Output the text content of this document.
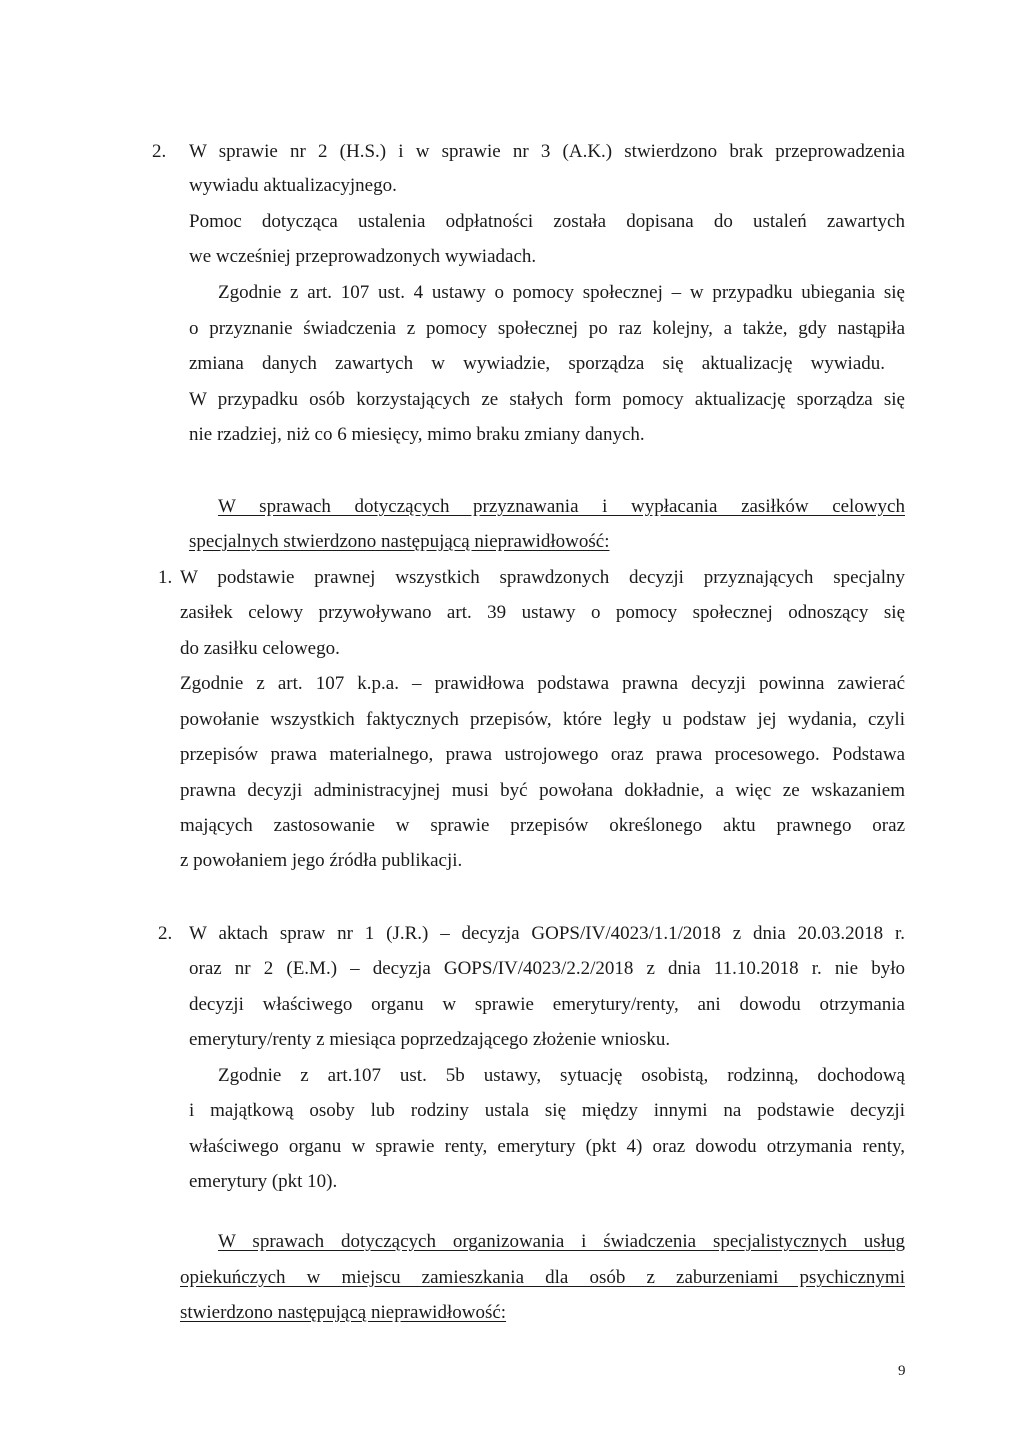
2. W sprawie nr 2 (H.S.) i w sprawie nr 3 (A.K.) stwierdzono brak przeprowadzenia
wywiadu aktualizacyjnego.
Pomoc dotycząca ustalenia odpłatności została dopisana do ustaleń zawartych
we wcześniej przeprowadzonych wywiadach.
Zgodnie z art. 107 ust. 4 ustawy o pomocy społecznej – w przypadku ubiegania się
o przyznanie świadczenia z pomocy społecznej po raz kolejny, a także, gdy nastąpiła
zmiana danych zawartych w wywiadzie, sporządza się aktualizację wywiadu.
W przypadku osób korzystających ze stałych form pomocy aktualizację sporządza się
nie rzadziej, niż co 6 miesięcy, mimo braku zmiany danych.
W sprawach dotyczących przyznawania i wypłacania zasiłków celowych
specjalnych stwierdzono następującą nieprawidłowość:
1. W podstawie prawnej wszystkich sprawdzonych decyzji przyznających specjalny
zasiłek celowy przywoływano art. 39 ustawy o pomocy społecznej odnoszący się
do zasiłku celowego.
Zgodnie z art. 107 k.p.a. – prawidłowa podstawa prawna decyzji powinna zawierać
powołanie wszystkich faktycznych przepisów, które legły u podstaw jej wydania, czyli
przepisów prawa materialnego, prawa ustrojowego oraz prawa procesowego. Podstawa
prawna decyzji administracyjnej musi być powołana dokładnie, a więc ze wskazaniem
mających zastosowanie w sprawie przepisów określonego aktu prawnego oraz
z powołaniem jego źródła publikacji.
2. W aktach spraw nr 1 (J.R.) – decyzja GOPS/IV/4023/1.1/2018 z dnia 20.03.2018 r.
oraz nr 2 (E.M.) – decyzja GOPS/IV/4023/2.2/2018 z dnia 11.10.2018 r. nie było
decyzji właściwego organu w sprawie emerytury/renty, ani dowodu otrzymania
emerytury/renty z miesiąca poprzedzającego złożenie wniosku.
Zgodnie z art.107 ust. 5b ustawy, sytuację osobistą, rodzinną, dochodową
i majątkową osoby lub rodziny ustala się między innymi na podstawie decyzji
właściwego organu w sprawie renty, emerytury (pkt 4) oraz dowodu otrzymania renty,
emerytury (pkt 10).
W sprawach dotyczących organizowania i świadczenia specjalistycznych usług
opiekuńczych w miejscu zamieszkania dla osób z zaburzeniami psychicznymi
stwierdzono następującą nieprawidłowość:
9
